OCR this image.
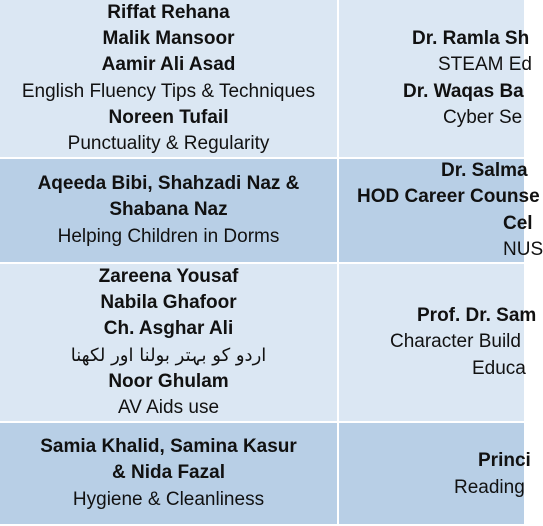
Riffat Rehana
Malik Mansoor
Aamir Ali Asad
English Fluency Tips & Techniques
Noreen Tufail
Punctuality & Regularity
Dr. Ramla Sh
STEAM Ed
Dr. Waqas Ba
Cyber Se
Aqeeda Bibi, Shahzadi Naz &
Shabana Naz
Helping Children in Dorms
Dr. Salma
HOD Career Counse
Cel
NUS
Zareena Yousaf
Nabila Ghafoor
Ch. Asghar Ali
اردو کو بہتر بولنا اور لکھنا
Noor Ghulam
AV Aids use
Prof. Dr. Sam
Character Build
Educa
Samia Khalid, Samina Kasur
& Nida Fazal
Hygiene & Cleanliness
Princi
Reading
